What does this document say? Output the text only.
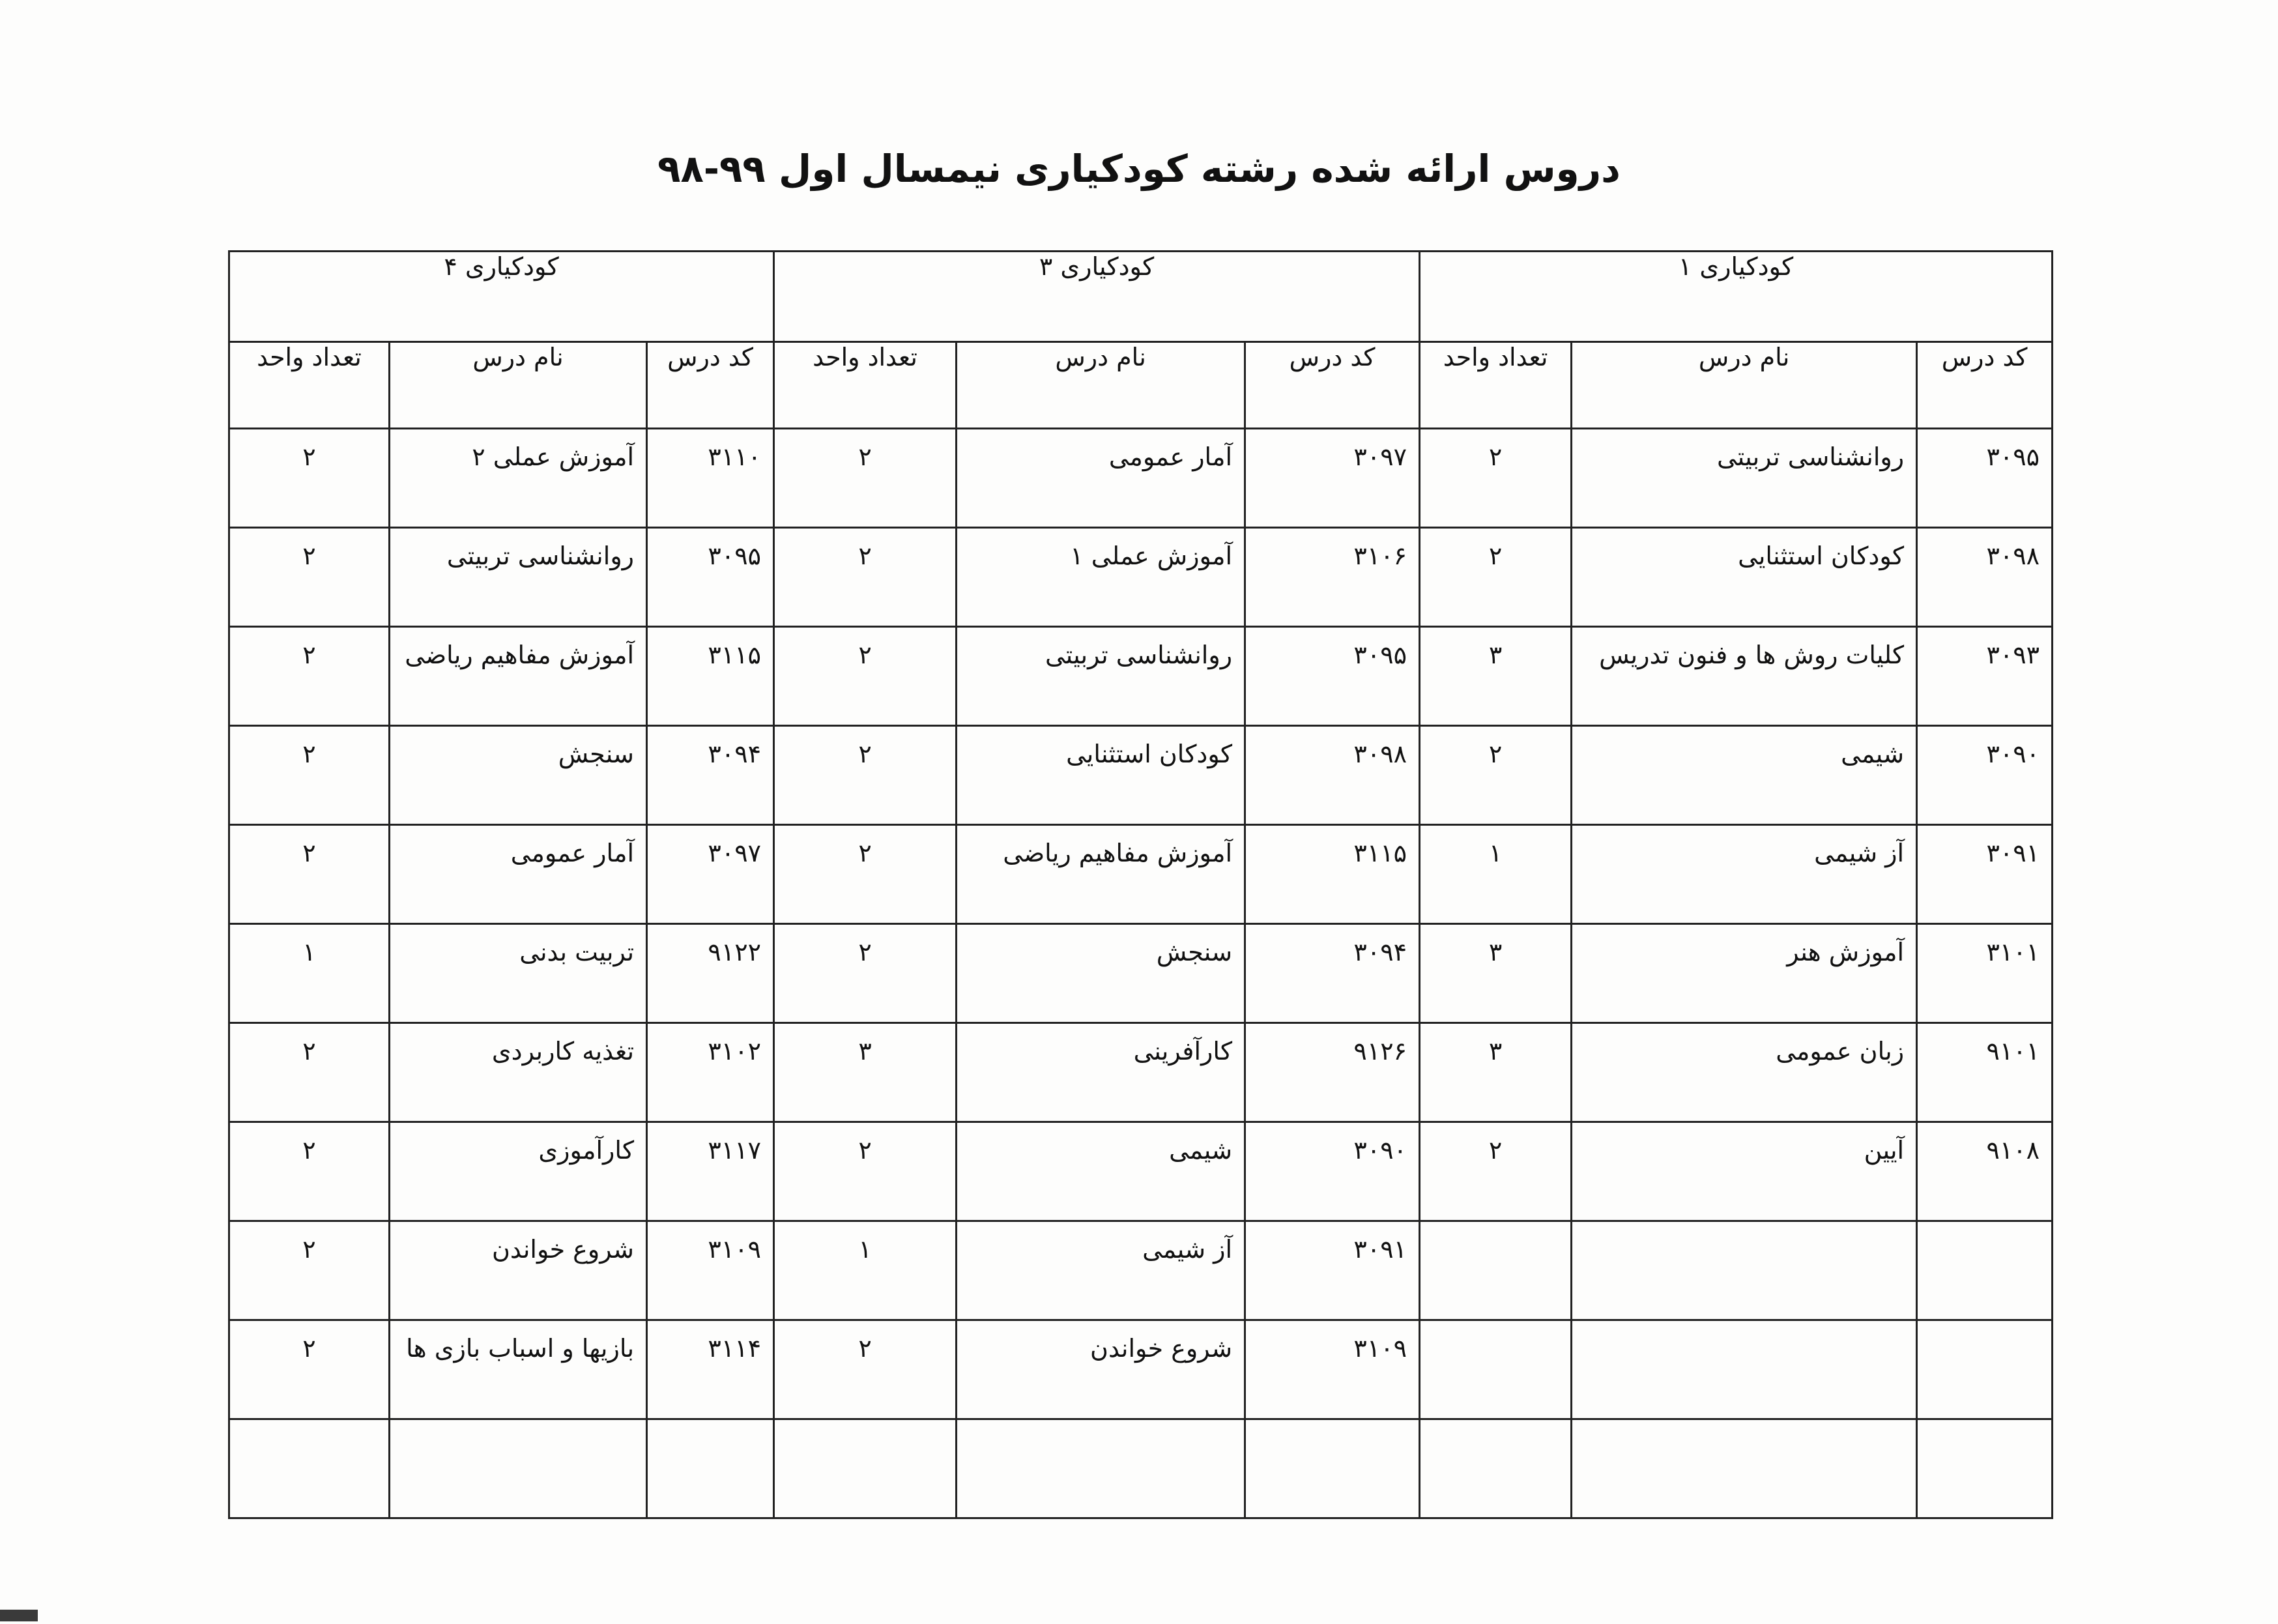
دروس ارائه شده رشته کودکیاری نیمسال اول ۹۹-۹۸
کودکیاری ۱			کودکیاری ۳			کودکیاری ۴		
کد درس	نام درس	تعداد واحد	کد درس	نام درس	تعداد واحد	کد درس	نام درس	تعداد واحد
۳۰۹۵	روانشناسی تربیتی	۲	۳۰۹۷	آمار عمومی	۲	۳۱۱۰	آموزش عملی ۲	۲
۳۰۹۸	کودکان استثنایی	۲	۳۱۰۶	آموزش عملی ۱	۲	۳۰۹۵	روانشناسی تربیتی	۲
۳۰۹۳	کلیات روش ها و فنون تدریس	۳	۳۰۹۵	روانشناسی تربیتی	۲	۳۱۱۵	آموزش مفاهیم ریاضی	۲
۳۰۹۰	شیمی	۲	۳۰۹۸	کودکان استثنایی	۲	۳۰۹۴	سنجش	۲
۳۰۹۱	آز شیمی	۱	۳۱۱۵	آموزش مفاهیم ریاضی	۲	۳۰۹۷	آمار عمومی	۲
۳۱۰۱	آموزش هنر	۳	۳۰۹۴	سنجش	۲	۹۱۲۲	تربیت بدنی	۱
۹۱۰۱	زبان عمومی	۳	۹۱۲۶	کارآفرینی	۳	۳۱۰۲	تغذیه کاربردی	۲
۹۱۰۸	آیین	۲	۳۰۹۰	شیمی	۲	۳۱۱۷	کارآموزی	۲
			۳۰۹۱	آز شیمی	۱	۳۱۰۹	شروع خواندن	۲
			۳۱۰۹	شروع خواندن	۲	۳۱۱۴	بازیها و اسباب بازی ها	۲
